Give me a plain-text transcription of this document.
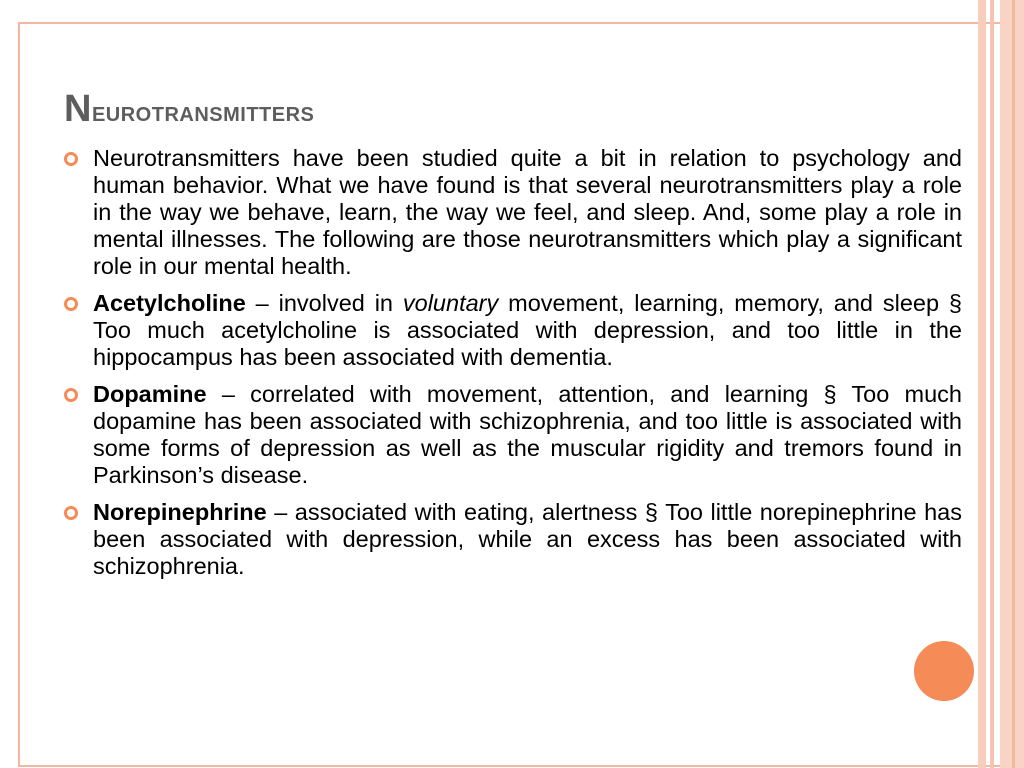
Neurotransmitters
Neurotransmitters have been studied quite a bit in relation to psychology and human behavior. What we have found is that several neurotransmitters play a role in the way we behave, learn, the way we feel, and sleep. And, some play a role in mental illnesses. The following are those neurotransmitters which play a significant role in our mental health.
Acetylcholine – involved in voluntary movement, learning, memory, and sleep § Too much acetylcholine is associated with depression, and too little in the hippocampus has been associated with dementia.
Dopamine – correlated with movement, attention, and learning § Too much dopamine has been associated with schizophrenia, and too little is associated with some forms of depression as well as the muscular rigidity and tremors found in Parkinson’s disease.
Norepinephrine – associated with eating, alertness § Too little norepinephrine has been associated with depression, while an excess has been associated with schizophrenia.
